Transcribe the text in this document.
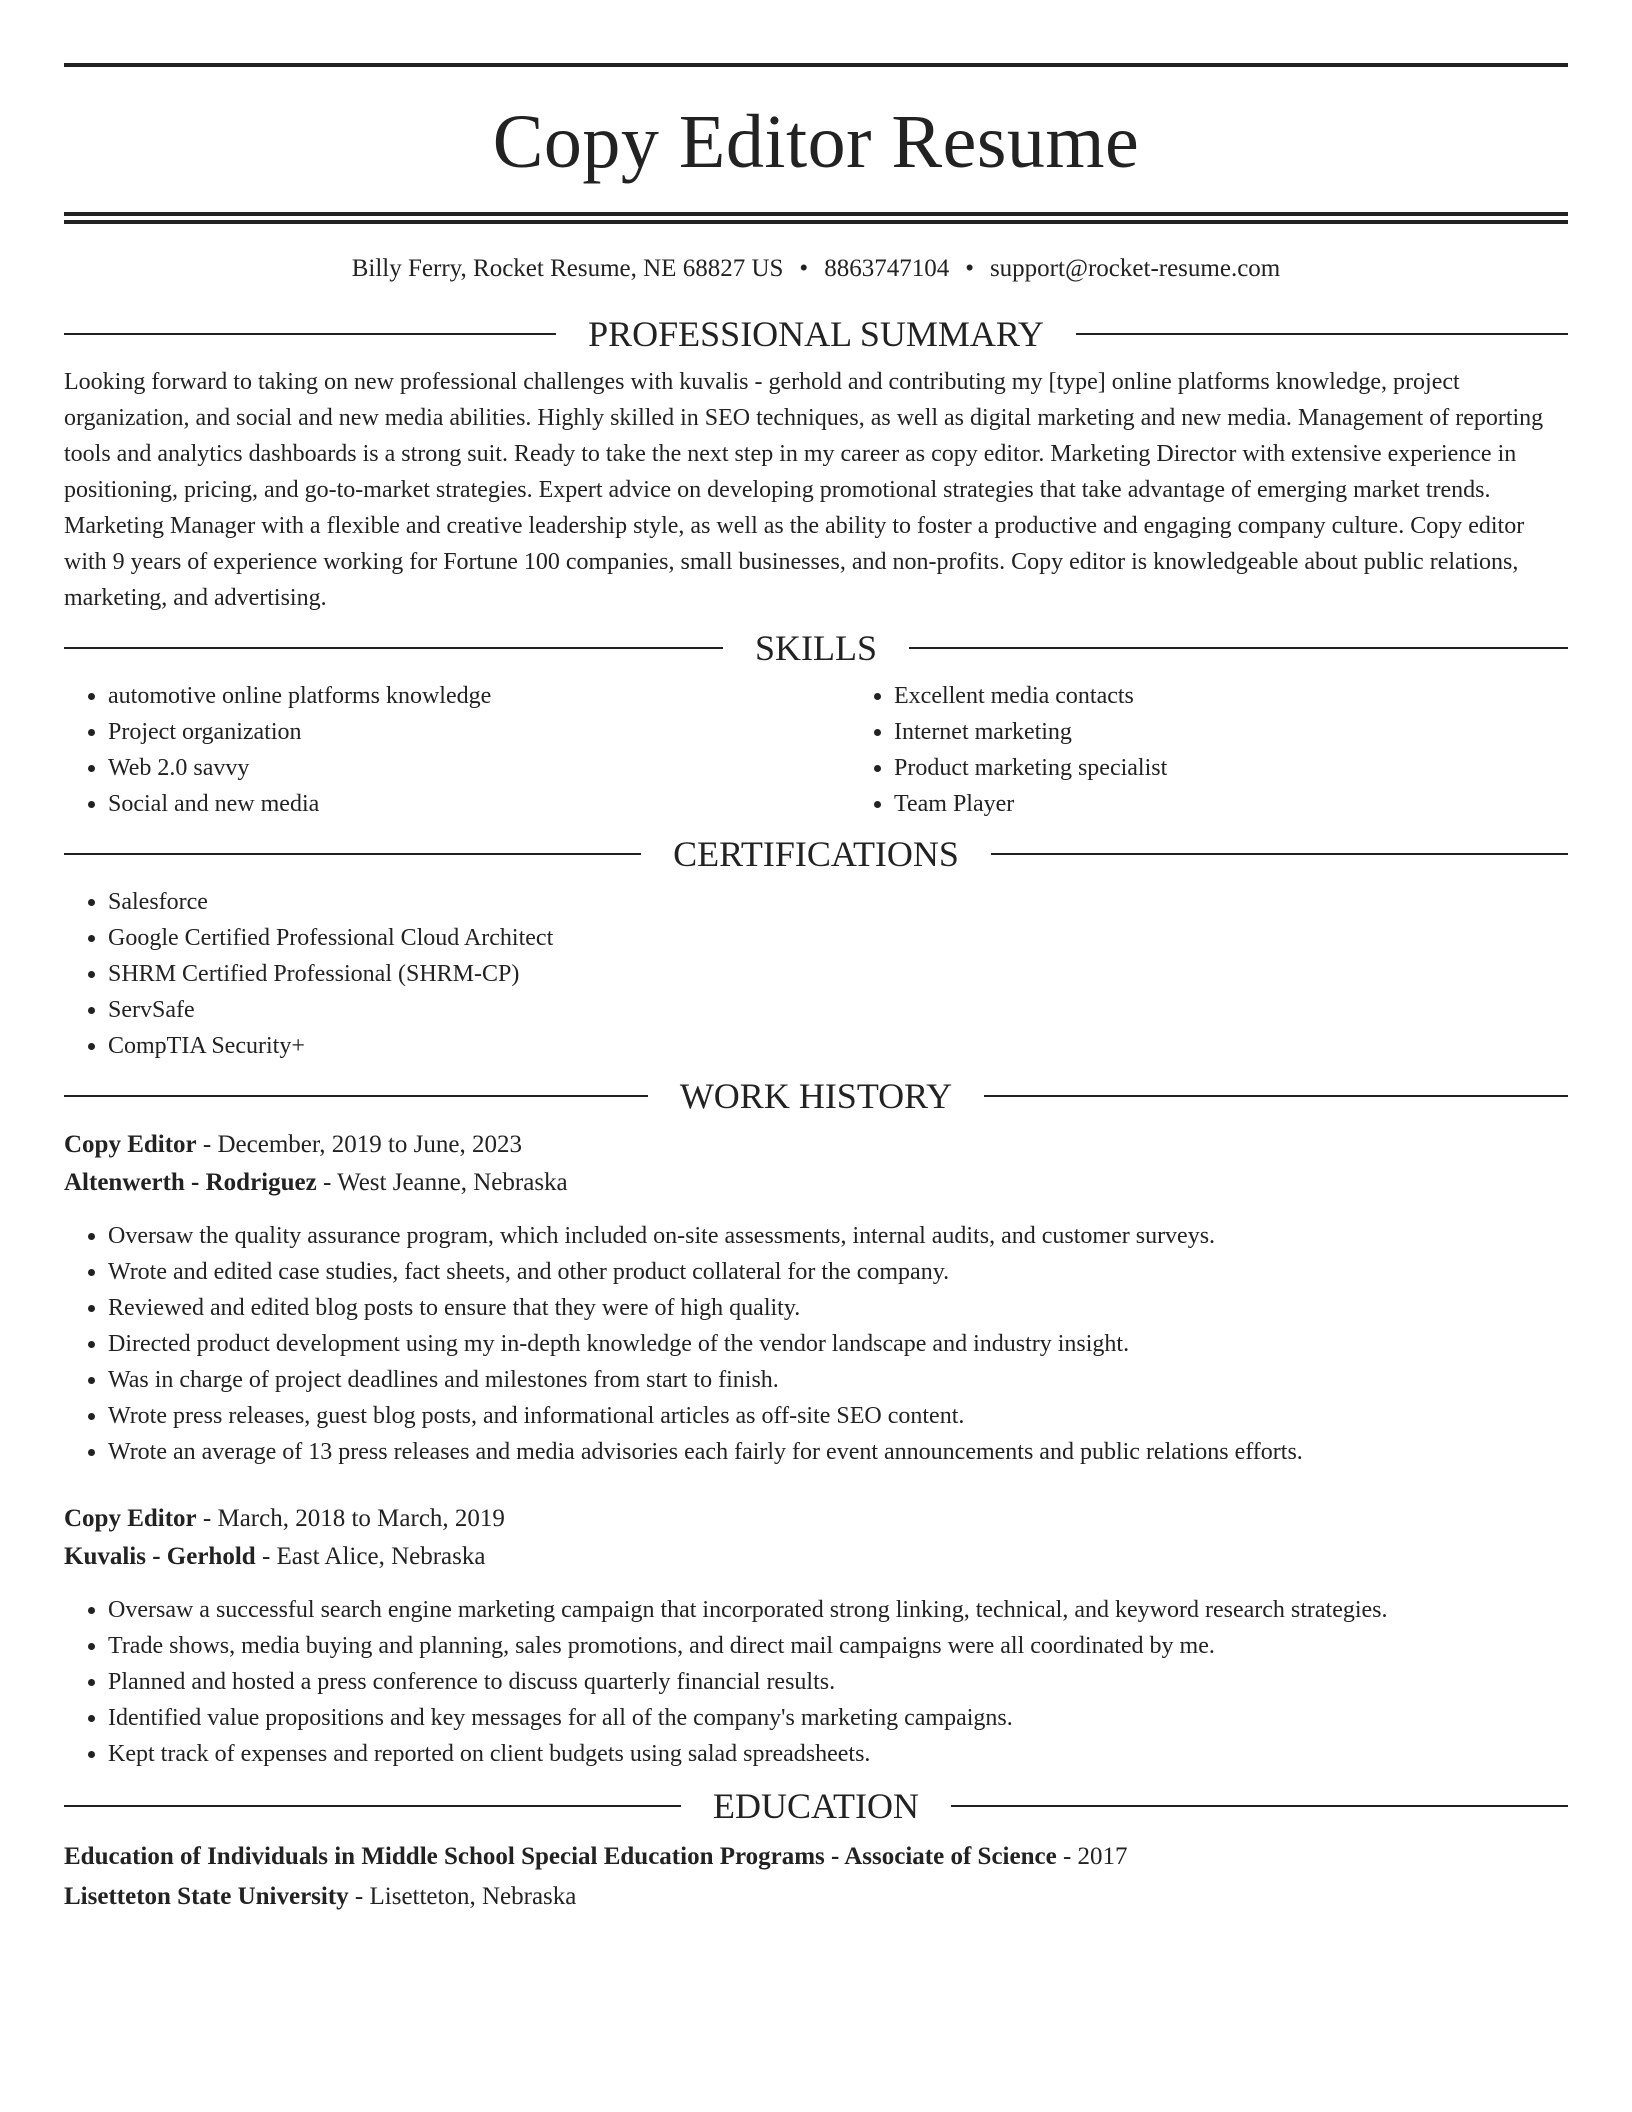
Copy Editor Resume
Billy Ferry, Rocket Resume, NE 68827 US • 8863747104 • support@rocket-resume.com
PROFESSIONAL SUMMARY

Looking forward to taking on new professional challenges with kuvalis - gerhold and contributing my [type] online platforms knowledge, project organization, and social and new media abilities. Highly skilled in SEO techniques, as well as digital marketing and new media. Management of reporting tools and analytics dashboards is a strong suit. Ready to take the next step in my career as copy editor. Marketing Director with extensive experience in positioning, pricing, and go-to-market strategies. Expert advice on developing promotional strategies that take advantage of emerging market trends. Marketing Manager with a flexible and creative leadership style, as well as the ability to foster a productive and engaging company culture. Copy editor with 9 years of experience working for Fortune 100 companies, small businesses, and non-profits. Copy editor is knowledgeable about public relations, marketing, and advertising.

SKILLS
• automotive online platforms knowledge
• Project organization
• Web 2.0 savvy
• Social and new media
• Excellent media contacts
• Internet marketing
• Product marketing specialist
• Team Player
CERTIFICATIONS
• Salesforce
• Google Certified Professional Cloud Architect
• SHRM Certified Professional (SHRM-CP)
• ServSafe
• CompTIA Security+
WORK HISTORY
Copy Editor - December, 2019 to June, 2023
Altenwerth - Rodriguez - West Jeanne, Nebraska
• Oversaw the quality assurance program, which included on-site assessments, internal audits, and customer surveys.
• Wrote and edited case studies, fact sheets, and other product collateral for the company.
• Reviewed and edited blog posts to ensure that they were of high quality.
• Directed product development using my in-depth knowledge of the vendor landscape and industry insight.
• Was in charge of project deadlines and milestones from start to finish.
• Wrote press releases, guest blog posts, and informational articles as off-site SEO content.
• Wrote an average of 13 press releases and media advisories each fairly for event announcements and public relations efforts.
Copy Editor - March, 2018 to March, 2019
Kuvalis - Gerhold - East Alice, Nebraska
• Oversaw a successful search engine marketing campaign that incorporated strong linking, technical, and keyword research strategies.
• Trade shows, media buying and planning, sales promotions, and direct mail campaigns were all coordinated by me.
• Planned and hosted a press conference to discuss quarterly financial results.
• Identified value propositions and key messages for all of the company's marketing campaigns.
• Kept track of expenses and reported on client budgets using salad spreadsheets.
EDUCATION
Education of Individuals in Middle School Special Education Programs - Associate of Science - 2017
Lisetteton State University - Lisetteton, Nebraska
